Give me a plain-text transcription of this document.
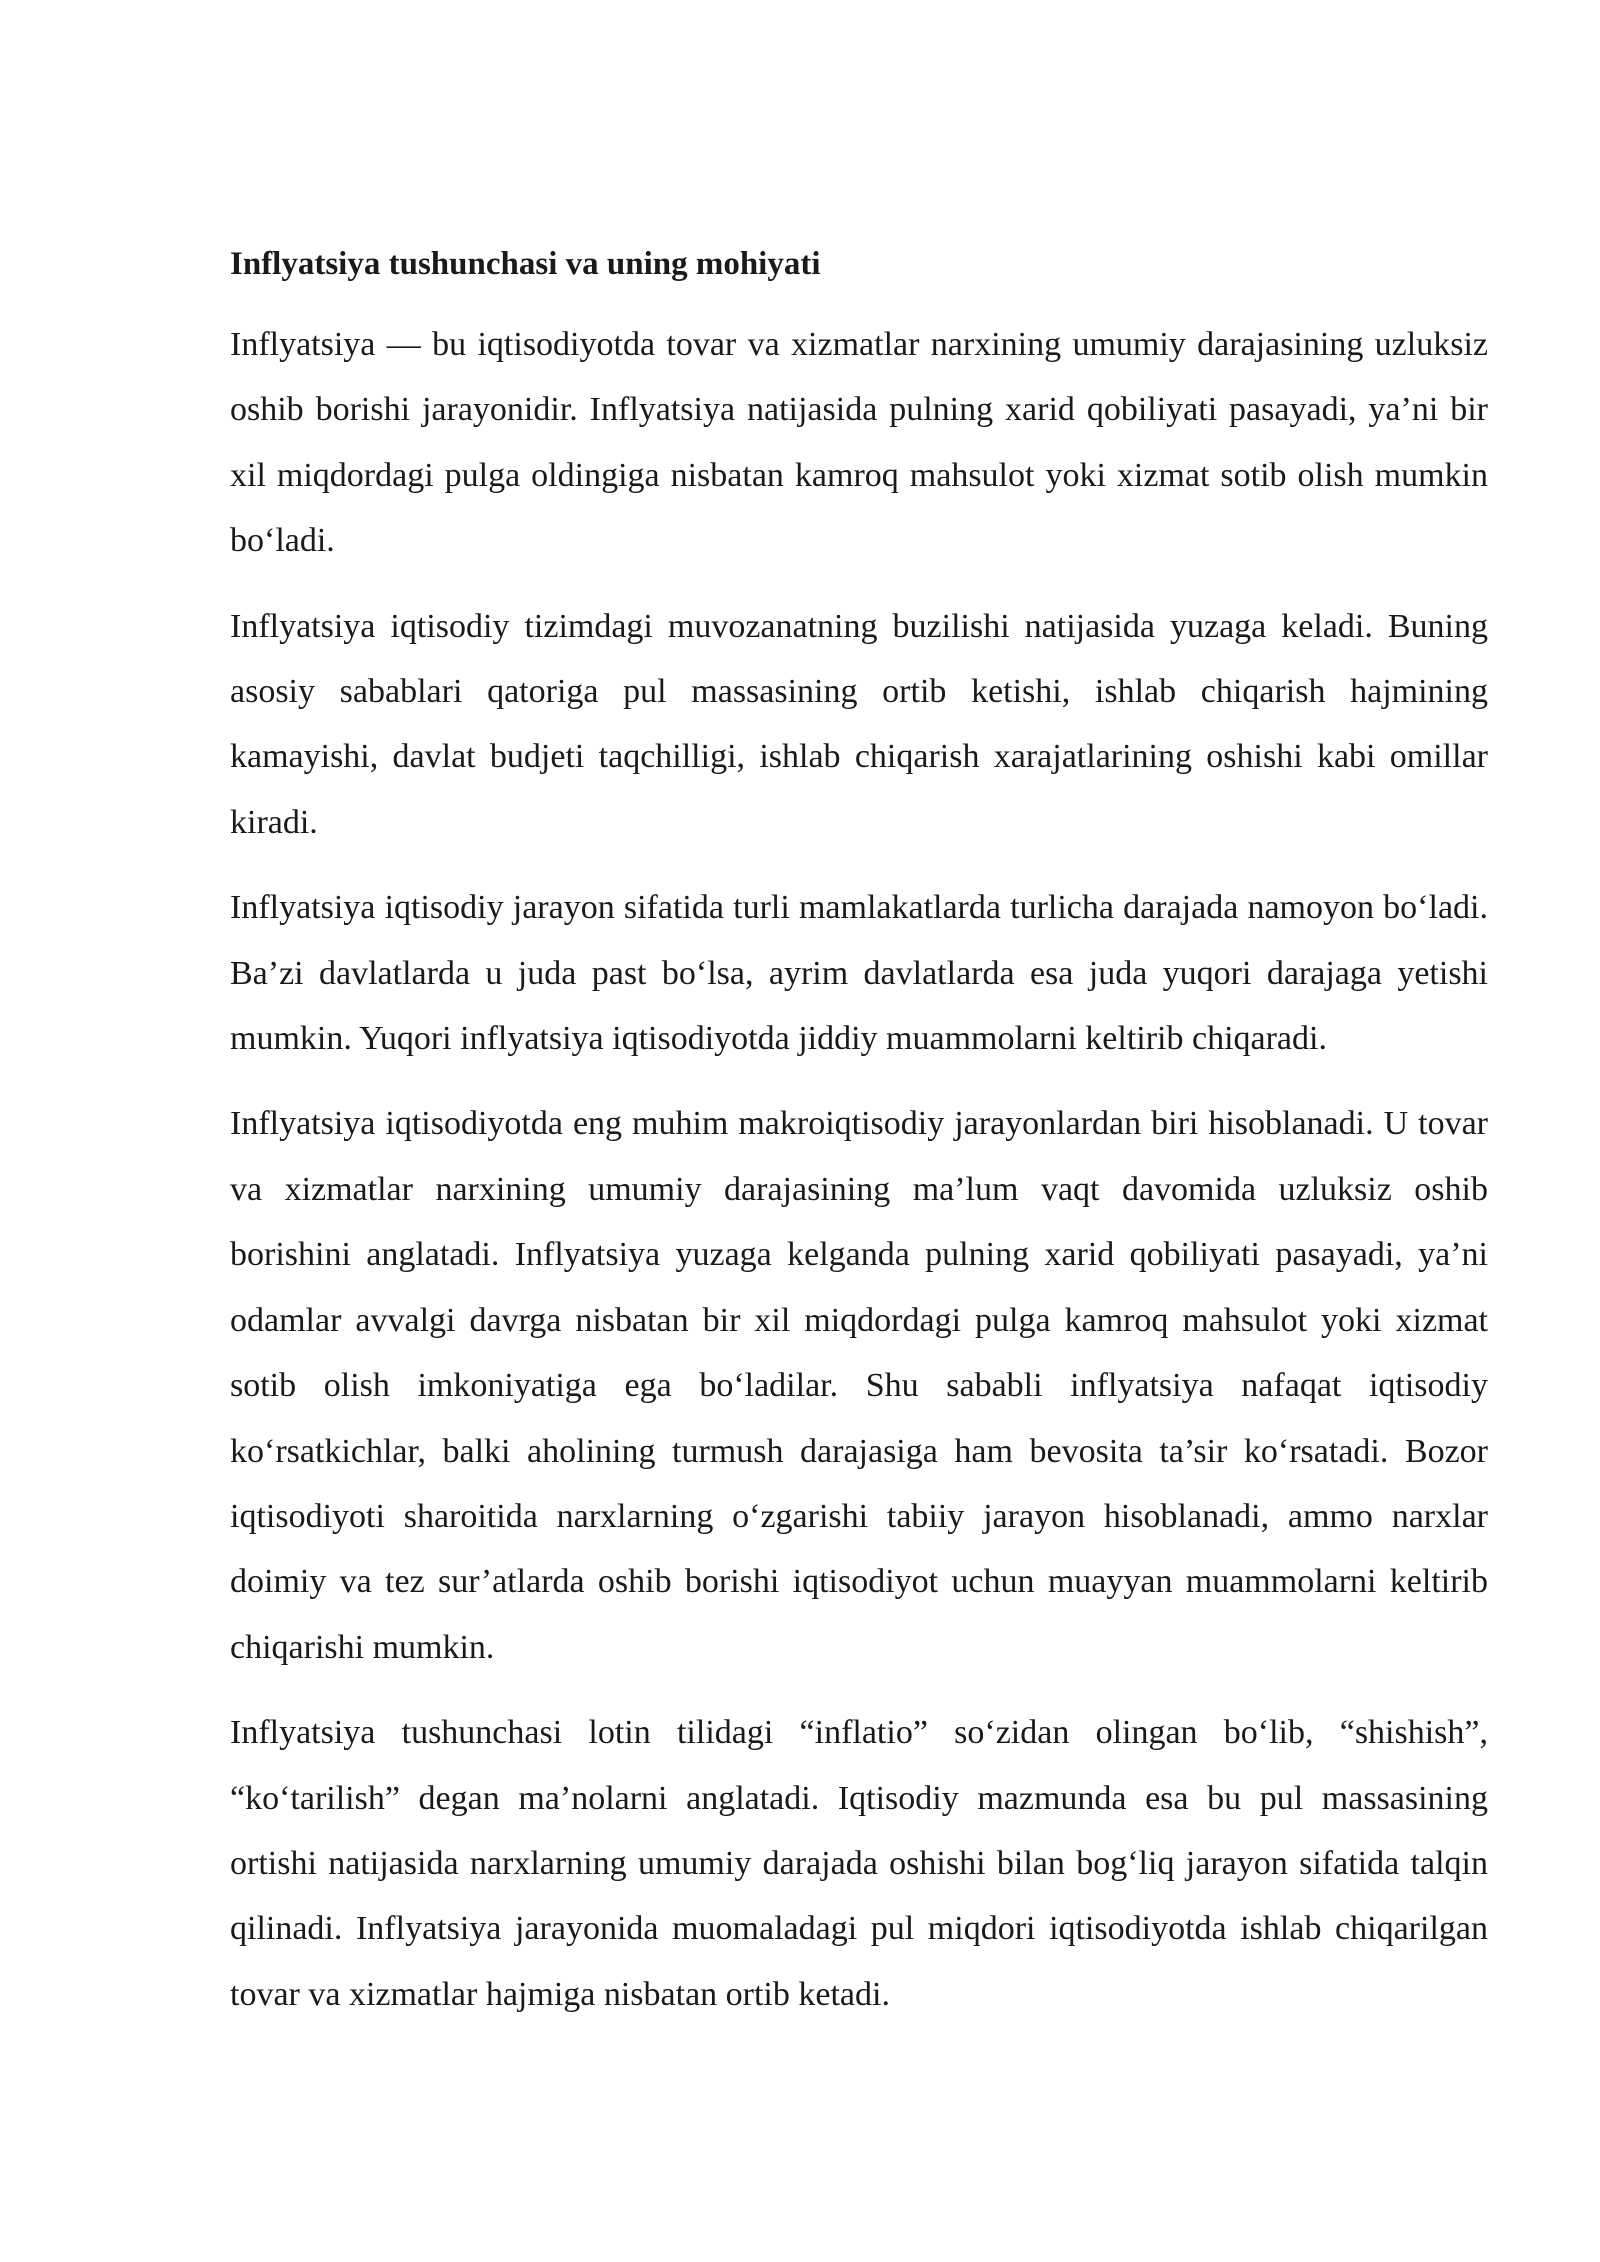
Inflyatsiya tushunchasi va uning mohiyati

Inflyatsiya — bu iqtisodiyotda tovar va xizmatlar narxining umumiy darajasining uzluksiz oshib borishi jarayonidir. Inflyatsiya natijasida pulning xarid qobiliyati pasayadi, ya’ni bir xil miqdordagi pulga oldingiga nisbatan kamroq mahsulot yoki xizmat sotib olish mumkin bo‘ladi.

Inflyatsiya iqtisodiy tizimdagi muvozanatning buzilishi natijasida yuzaga keladi. Buning asosiy sabablari qatoriga pul massasining ortib ketishi, ishlab chiqarish hajmining kamayishi, davlat budjeti taqchilligi, ishlab chiqarish xarajatlarining oshishi kabi omillar kiradi.

Inflyatsiya iqtisodiy jarayon sifatida turli mamlakatlarda turlicha darajada namoyon bo‘ladi. Ba’zi davlatlarda u juda past bo‘lsa, ayrim davlatlarda esa juda yuqori darajaga yetishi mumkin. Yuqori inflyatsiya iqtisodiyotda jiddiy muammolarni keltirib chiqaradi.

Inflyatsiya iqtisodiyotda eng muhim makroiqtisodiy jarayonlardan biri hisoblanadi. U tovar va xizmatlar narxining umumiy darajasining ma’lum vaqt davomida uzluksiz oshib borishini anglatadi. Inflyatsiya yuzaga kelganda pulning xarid qobiliyati pasayadi, ya’ni odamlar avvalgi davrga nisbatan bir xil miqdordagi pulga kamroq mahsulot yoki xizmat sotib olish imkoniyatiga ega bo‘ladilar. Shu sababli inflyatsiya nafaqat iqtisodiy ko‘rsatkichlar, balki aholining turmush darajasiga ham bevosita ta’sir ko‘rsatadi. Bozor iqtisodiyoti sharoitida narxlarning o‘zgarishi tabiiy jarayon hisoblanadi, ammo narxlar doimiy va tez sur’atlarda oshib borishi iqtisodiyot uchun muayyan muammolarni keltirib chiqarishi mumkin.

Inflyatsiya tushunchasi lotin tilidagi “inflatio” so‘zidan olingan bo‘lib, “shishish”, “ko‘tarilish” degan ma’nolarni anglatadi. Iqtisodiy mazmunda esa bu pul massasining ortishi natijasida narxlarning umumiy darajada oshishi bilan bog‘liq jarayon sifatida talqin qilinadi. Inflyatsiya jarayonida muomaladagi pul miqdori iqtisodiyotda ishlab chiqarilgan tovar va xizmatlar hajmiga nisbatan ortib ketadi.
